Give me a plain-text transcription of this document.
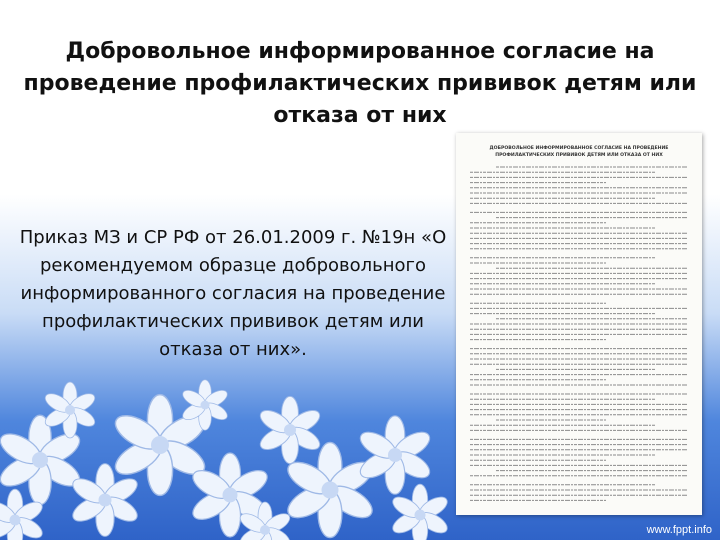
Добровольное информированное согласие на проведение профилактических прививок детям или отказа от них
Приказ МЗ и СР РФ от 26.01.2009 г. №19н «О рекомендуемом образце добровольного информированного согласия на проведение профилактических прививок детям или отказа от них».
ДОБРОВОЛЬНОЕ ИНФОРМИРОВАННОЕ СОГЛАСИЕ НА ПРОВЕДЕНИЕ
ПРОФИЛАКТИЧЕСКИХ ПРИВИВОК ДЕТЯМ ИЛИ ОТКАЗА ОТ НИХ
www.fppt.info
